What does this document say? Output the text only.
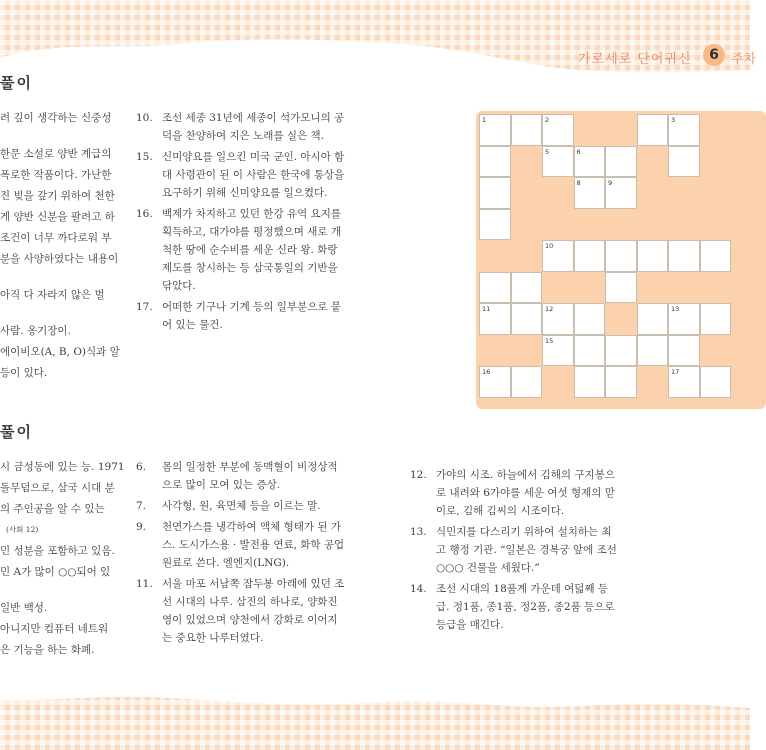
가로세로 단어귀신	6 주차
풀이
풀이
려 깊이 생각하는 신중성
한문 소설로 양반 계급의
폭로한 작품이다. 가난한
진 빚을 갚기 위하여 천한
게 양반 신분을 팔려고 하
조건이 너무 까다로워 부
분을 사양하였다는 내용이
아직 다 자라지 않은 벌
사람. 옹기장이.
에이비오(A, B, O)식과 알
등이 있다.
10. 조선 세종 31년에 세종이 석가모니의 공덕을 찬양하여 지은 노래를 실은 책.
15. 신미양요를 일으킨 미국 군인. 아시아 함대 사령관이 된 이 사람은 한국에 통상을 요구하기 위해 신미양요를 일으켰다.
16. 백제가 차지하고 있던 한강 유역 요지를 획득하고, 대가야를 평정했으며 새로 개척한 땅에 순수비를 세운 신라 왕. 화랑제도를 창시하는 등 삼국통일의 기반을 닦았다.
17. 어떠한 기구나 기계 등의 일부분으로 붙어 있는 물건.
시 금성동에 있는 능. 1971
돌무덤으로, 삼국 시대 분
의 주인공을 알 수 있는
(사회 12)
민 성분을 포함하고 있음.
민 A가 많이 ○○되어 있
일반 백성.
아니지만 컴퓨터 네트워
은 기능을 하는 화폐.
6.	몸의 일정한 부분에 동맥혈이 비정상적으로 많이 모여 있는 증상.
7.	사각형, 원, 육면체 등을 이르는 말.
9.	천연가스를 냉각하여 액체 형태가 된 가스. 도시가스용 · 발전용 연료, 화학 공업 원료로 쓴다. 엘엔지(LNG).
11. 서울 마포 서남쪽 잠두봉 아래에 있던 조선 시대의 나루. 삼진의 하나로, 양화진영이 있었으며 양천에서 강화로 이어지는 중요한 나루터였다.
12. 가야의 시조. 하늘에서 김해의 구지봉으로 내려와 6가야를 세운 여섯 형제의 맏이로, 김해 김씨의 시조이다.
13. 식민지를 다스리기 위하여 설치하는 최고 행정 기관. “일본은 경복궁 앞에 조선 ○○○ 건물을 세웠다.”
14. 조선 시대의 18품계 가운데 여덟째 등급. 정1품, 종1품, 정2품, 종2품 등으로 등급을 매긴다.
1	2	3
5	6
8	9
10
11	12	13
15
16	17
